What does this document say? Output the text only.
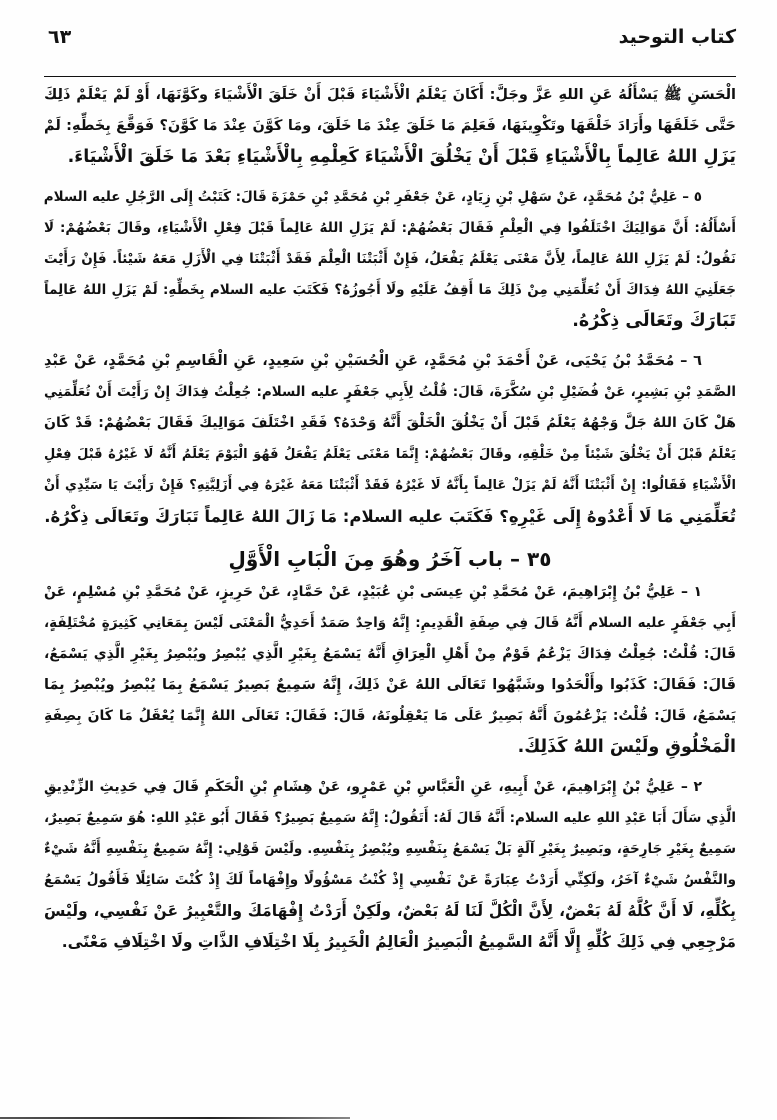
كتاب التوحيد
٦٣
الْحَسَنِ ﷺ يَسْأَلُهُ عَنِ اللهِ عَزَّ وجَلَّ: أَكَانَ يَعْلَمُ الْأَشْيَاءَ قَبْلَ أَنْ خَلَقَ الْأَشْيَاءَ وكَوَّنَهَا، أَوْ لَمْ يَعْلَمْ ذَلِكَ
حَتَّى خَلَقَهَا وأَرَادَ خَلْقَهَا وتَكْوِينَهَا، فَعَلِمَ مَا خَلَقَ عِنْدَ مَا خَلَقَ، ومَا كَوَّنَ عِنْدَ مَا كَوَّنَ؟ فَوَقَّعَ بِخَطِّهِ: لَمْ
يَزَلِ اللهُ عَالِماً بِالْأَشْيَاءِ قَبْلَ أَنْ يَخْلُقَ الْأَشْيَاءَ كَعِلْمِهِ بِالْأَشْيَاءِ بَعْدَ مَا خَلَقَ الْأَشْيَاءَ.
٥ – عَلِيُّ بْنُ مُحَمَّدٍ، عَنْ سَهْلِ بْنِ زِيَادٍ، عَنْ جَعْفَرِ بْنِ مُحَمَّدِ بْنِ حَمْزَةَ قَالَ: كَتَبْتُ إِلَى الرَّجُلِ عليه السلام
أَسْأَلُهُ: أَنَّ مَوَالِيَكَ اخْتَلَفُوا فِي الْعِلْمِ فَقَالَ بَعْضُهُمْ: لَمْ يَزَلِ اللهُ عَالِماً قَبْلَ فِعْلِ الْأَشْيَاءِ، وقَالَ بَعْضُهُمْ: لَا
نَقُولُ: لَمْ يَزَلِ اللهُ عَالِماً، لِأَنَّ مَعْنَى يَعْلَمُ يَفْعَلُ، فَإِنْ أَثْبَتْنَا الْعِلْمَ فَقَدْ أَثْبَتْنَا فِي الْأَزَلِ مَعَهُ شَيْئاً. فَإِنْ رَأَيْتَ
جَعَلَنِيَ اللهُ فِدَاكَ أَنْ تُعَلِّمَنِي مِنْ ذَلِكَ مَا أَقِفُ عَلَيْهِ ولَا أَجُوزُهُ؟ فَكَتَبَ عليه السلام بِخَطِّهِ: لَمْ يَزَلِ اللهُ عَالِماً
تَبَارَكَ وتَعَالَى ذِكْرُهُ.
٦ – مُحَمَّدُ بْنُ يَحْيَى، عَنْ أَحْمَدَ بْنِ مُحَمَّدٍ، عَنِ الْحُسَيْنِ بْنِ سَعِيدٍ، عَنِ الْقَاسِمِ بْنِ مُحَمَّدٍ، عَنْ عَبْدِ
الصَّمَدِ بْنِ بَشِيرٍ، عَنْ فُضَيْلِ بْنِ سُكَّرَةَ، قَالَ: قُلْتُ لِأَبِي جَعْفَرٍ عليه السلام: جُعِلْتُ فِدَاكَ إِنْ رَأَيْتَ أَنْ تُعَلِّمَنِي
هَلْ كَانَ اللهُ جَلَّ وَجْهُهُ يَعْلَمُ قَبْلَ أَنْ يَخْلُقَ الْخَلْقَ أَنَّهُ وَحْدَهُ؟ فَقَدِ اخْتَلَفَ مَوَالِيكَ فَقَالَ بَعْضُهُمْ: قَدْ كَانَ
يَعْلَمُ قَبْلَ أَنْ يَخْلُقَ شَيْئاً مِنْ خَلْقِهِ، وقَالَ بَعْضُهُمْ: إِنَّمَا مَعْنَى يَعْلَمُ يَفْعَلُ فَهُوَ الْيَوْمَ يَعْلَمُ أَنَّهُ لَا غَيْرُهُ قَبْلَ فِعْلِ
الْأَشْيَاءِ فَقَالُوا: إِنْ أَثْبَتْنَا أَنَّهُ لَمْ يَزَلْ عَالِماً بِأَنَّهُ لَا غَيْرُهُ فَقَدْ أَثْبَتْنَا مَعَهُ غَيْرَهُ فِي أَزَلِيَّتِهِ؟ فَإِنْ رَأَيْتَ يَا سَيِّدِي أَنْ
تُعَلِّمَنِي مَا لَا أَعْدُوهُ إِلَى غَيْرِهِ؟ فَكَتَبَ عليه السلام: مَا زَالَ اللهُ عَالِماً تَبَارَكَ وتَعَالَى ذِكْرُهُ.
٣٥ – باب آخَرُ وهُوَ مِنَ الْبَابِ الْأَوَّلِ
١ – عَلِيُّ بْنُ إِبْرَاهِيمَ، عَنْ مُحَمَّدِ بْنِ عِيسَى بْنِ عُبَيْدٍ، عَنْ حَمَّادٍ، عَنْ حَرِيزٍ، عَنْ مُحَمَّدِ بْنِ مُسْلِمٍ، عَنْ
أَبِي جَعْفَرٍ عليه السلام أَنَّهُ قَالَ فِي صِفَةِ الْقَدِيمِ: إِنَّهُ وَاحِدٌ صَمَدٌ أَحَدِيُّ الْمَعْنَى لَيْسَ بِمَعَانِي كَثِيرَةٍ مُخْتَلِفَةٍ،
قَالَ: قُلْتُ: جُعِلْتُ فِدَاكَ يَزْعُمُ قَوْمٌ مِنْ أَهْلِ الْعِرَاقِ أَنَّهُ يَسْمَعُ بِغَيْرِ الَّذِي يُبْصِرُ ويُبْصِرُ بِغَيْرِ الَّذِي يَسْمَعُ،
قَالَ: فَقَالَ: كَذَبُوا وأَلْحَدُوا وشَبَّهُوا تَعَالَى اللهُ عَنْ ذَلِكَ، إِنَّهُ سَمِيعٌ بَصِيرٌ يَسْمَعُ بِمَا يُبْصِرُ ويُبْصِرُ بِمَا
يَسْمَعُ، قَالَ: قُلْتُ: يَزْعُمُونَ أَنَّهُ بَصِيرٌ عَلَى مَا يَعْقِلُونَهُ، قَالَ: فَقَالَ: تَعَالَى اللهُ إِنَّمَا يُعْقَلُ مَا كَانَ بِصِفَةِ
الْمَخْلُوقِ ولَيْسَ اللهُ كَذَلِكَ.
٢ – عَلِيُّ بْنُ إِبْرَاهِيمَ، عَنْ أَبِيهِ، عَنِ الْعَبَّاسِ بْنِ عَمْرٍو، عَنْ هِشَامِ بْنِ الْحَكَمِ قَالَ فِي حَدِيثِ الزِّنْدِيقِ
الَّذِي سَأَلَ أَبَا عَبْدِ اللهِ عليه السلام: أَنَّهُ قَالَ لَهُ: أَتَقُولُ: إِنَّهُ سَمِيعٌ بَصِيرٌ؟ فَقَالَ أَبُو عَبْدِ اللهِ: هُوَ سَمِيعٌ بَصِيرٌ،
سَمِيعٌ بِغَيْرِ جَارِحَةٍ، وبَصِيرٌ بِغَيْرِ آلَةٍ بَلْ يَسْمَعُ بِنَفْسِهِ ويُبْصِرُ بِنَفْسِهِ. ولَيْسَ قَوْلِي: إِنَّهُ سَمِيعٌ بِنَفْسِهِ أَنَّهُ شَيْءٌ
والنَّفْسُ شَيْءٌ آخَرُ، ولَكِنِّي أَرَدْتُ عِبَارَةً عَنْ نَفْسِي إِذْ كُنْتُ مَسْؤُولًا وإِفْهَاماً لَكَ إِذْ كُنْتَ سَائِلًا فَأَقُولُ يَسْمَعُ
بِكُلِّهِ، لَا أَنَّ كُلَّهُ لَهُ بَعْضٌ، لِأَنَّ الْكُلَّ لَنَا لَهُ بَعْضٌ، ولَكِنْ أَرَدْتُ إِفْهَامَكَ والتَّعْبِيرُ عَنْ نَفْسِي، ولَيْسَ
مَرْجِعِي فِي ذَلِكَ كُلِّهِ إِلَّا أَنَّهُ السَّمِيعُ الْبَصِيرُ الْعَالِمُ الْخَبِيرُ بِلَا اخْتِلَافِ الذَّاتِ ولَا اخْتِلَافِ مَعْنًى.
